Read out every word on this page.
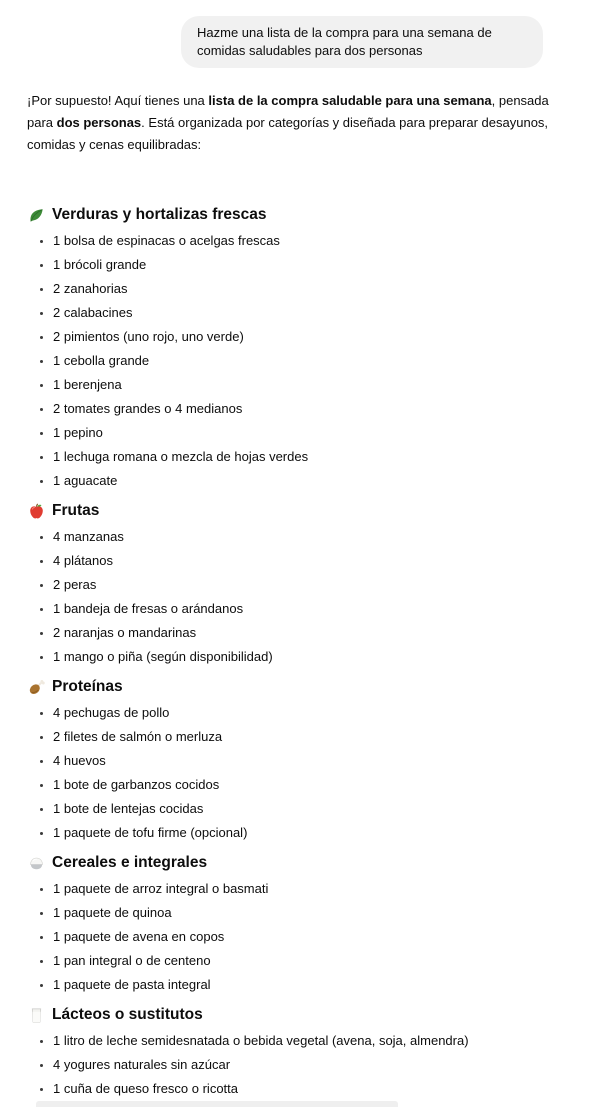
Hazme una lista de la compra para una semana de comidas saludables para dos personas

¡Por supuesto! Aquí tienes una lista de la compra saludable para una semana, pensada para dos personas. Está organizada por categorías y diseñada para preparar desayunos, comidas y cenas equilibradas:

Verduras y hortalizas frescas
1 bolsa de espinacas o acelgas frescas
1 brócoli grande
2 zanahorias
2 calabacines
2 pimientos (uno rojo, uno verde)
1 cebolla grande
1 berenjena
2 tomates grandes o 4 medianos
1 pepino
1 lechuga romana o mezcla de hojas verdes
1 aguacate
Frutas
4 manzanas
4 plátanos
2 peras
1 bandeja de fresas o arándanos
2 naranjas o mandarinas
1 mango o piña (según disponibilidad)
Proteínas
4 pechugas de pollo
2 filetes de salmón o merluza
4 huevos
1 bote de garbanzos cocidos
1 bote de lentejas cocidas
1 paquete de tofu firme (opcional)
Cereales e integrales
1 paquete de arroz integral o basmati
1 paquete de quinoa
1 paquete de avena en copos
1 pan integral o de centeno
1 paquete de pasta integral
Lácteos o sustitutos
1 litro de leche semidesnatada o bebida vegetal (avena, soja, almendra)
4 yogures naturales sin azúcar
1 cuña de queso fresco o ricotta
